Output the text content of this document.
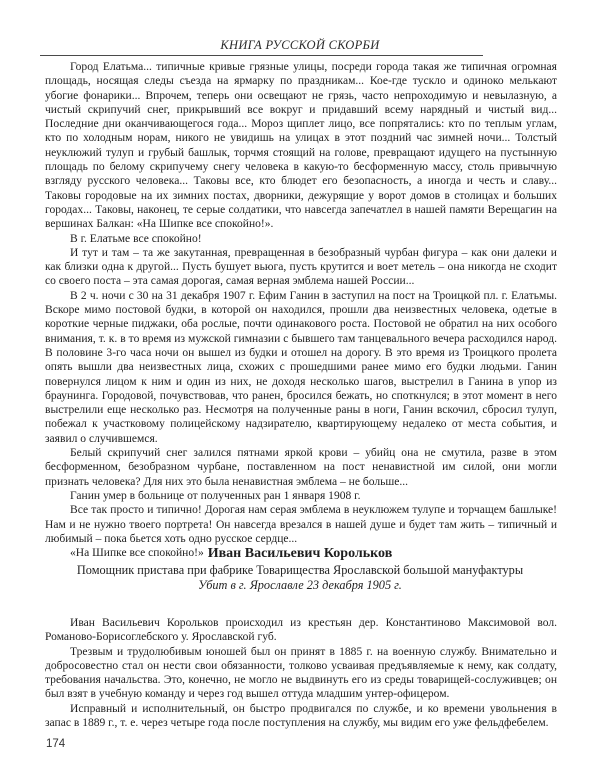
КНИГА РУССКОЙ СКОРБИ

Город Елатьма... типичные кривые грязные улицы, посреди города такая же типичная огромная площадь, носящая следы съезда на ярмарку по праздникам... Кое-где тускло и одиноко мелькают убогие фонарики... Впрочем, теперь они освещают не грязь, часто непроходимую и невылазную, а чистый скрипучий снег, прикрывший все вокруг и придавший всему нарядный и чистый вид... Последние дни оканчивающегося года... Мороз щиплет лицо, все попрятались: кто по теплым углам, кто по холодным норам, никого не увидишь на улицах в этот поздний час зимней ночи... Толстый неуклюжий тулуп и грубый башлык, торчмя стоящий на голове, превращают идущего на пустынную площадь по белому скрипучему снегу человека в какую-то бесформенную массу, столь привычную взгляду русского человека... Таковы все, кто блюдет его безопасность, а иногда и честь и славу... Таковы городовые на их зимних постах, дворники, дежурящие у ворот домов в столицах и больших городах... Таковы, наконец, те серые солдатики, что навсегда запечатлел в нашей памяти Верещагин на вершинах Балкан: «На Шипке все спокойно!».

В г. Елатьме все спокойно!

И тут и там – та же закутанная, превращенная в безобразный чурбан фигура – как они далеки и как близки одна к другой... Пусть бушует вьюга, пусть крутится и воет метель – она никогда не сходит со своего поста – эта самая дорогая, самая верная эмблема нашей России...

В 2 ч. ночи с 30 на 31 декабря 1907 г. Ефим Ганин в заступил на пост на Троицкой пл. г. Елатьмы. Вскоре мимо постовой будки, в которой он находился, прошли два неизвестных человека, одетые в короткие черные пиджаки, оба рослые, почти одинакового роста. Постовой не обратил на них особого внимания, т. к. в то время из мужской гимназии с бывшего там танцевального вечера расходился народ. В половине 3-го часа ночи он вышел из будки и отошел на дорогу. В это время из Троицкого пролета опять вышли два неизвестных лица, схожих с прошедшими ранее мимо его будки людьми. Ганин повернулся лицом к ним и один из них, не доходя несколько шагов, выстрелил в Ганина в упор из браунинга. Городовой, почувствовав, что ранен, бросился бежать, но споткнулся; в этот момент в него выстрелили еще несколько раз. Несмотря на полученные раны в ноги, Ганин вскочил, сбросил тулуп, побежал к участковому полицейскому надзирателю, квартирующему недалеко от места события, и заявил о случившемся.

Белый скрипучий снег залился пятнами яркой крови – убийц она не смутила, разве в этом бесформенном, безобразном чурбане, поставленном на пост ненавистной им силой, они могли признать человека? Для них это была ненавистная эмблема – не больше...

Ганин умер в больнице от полученных ран 1 января 1908 г.

Все так просто и типично! Дорогая нам серая эмблема в неуклюжем тулупе и торчащем башлыке! Нам и не нужно твоего портрета! Он навсегда врезался в нашей душе и будет там жить – типичный и любимый – пока бьется хоть одно русское сердце...

«На Шипке все спокойно!» Иван Васильевич Корольков

Помощник пристава при фабрике Товарищества Ярославской большой мануфактуры

Убит в г. Ярославле 23 декабря 1905 г.

Иван Васильевич Корольков происходил из крестьян дер. Константиново Максимовой вол. Романово-Борисоглебского у. Ярославской губ.

Трезвым и трудолюбивым юношей был он принят в 1885 г. на военную службу. Внимательно и добросовестно стал он нести свои обязанности, толково усваивая предъявляемые к нему, как солдату, требования начальства. Это, конечно, не могло не выдвинуть его из среды товарищей-сослуживцев; он был взят в учебную команду и через год вышел оттуда младшим унтер-офицером.

Исправный и исполнительный, он быстро продвигался по службе, и ко времени увольнения в запас в 1889 г., т. е. через четыре года после поступления на службу, мы видим его уже фельдфебелем.

174
